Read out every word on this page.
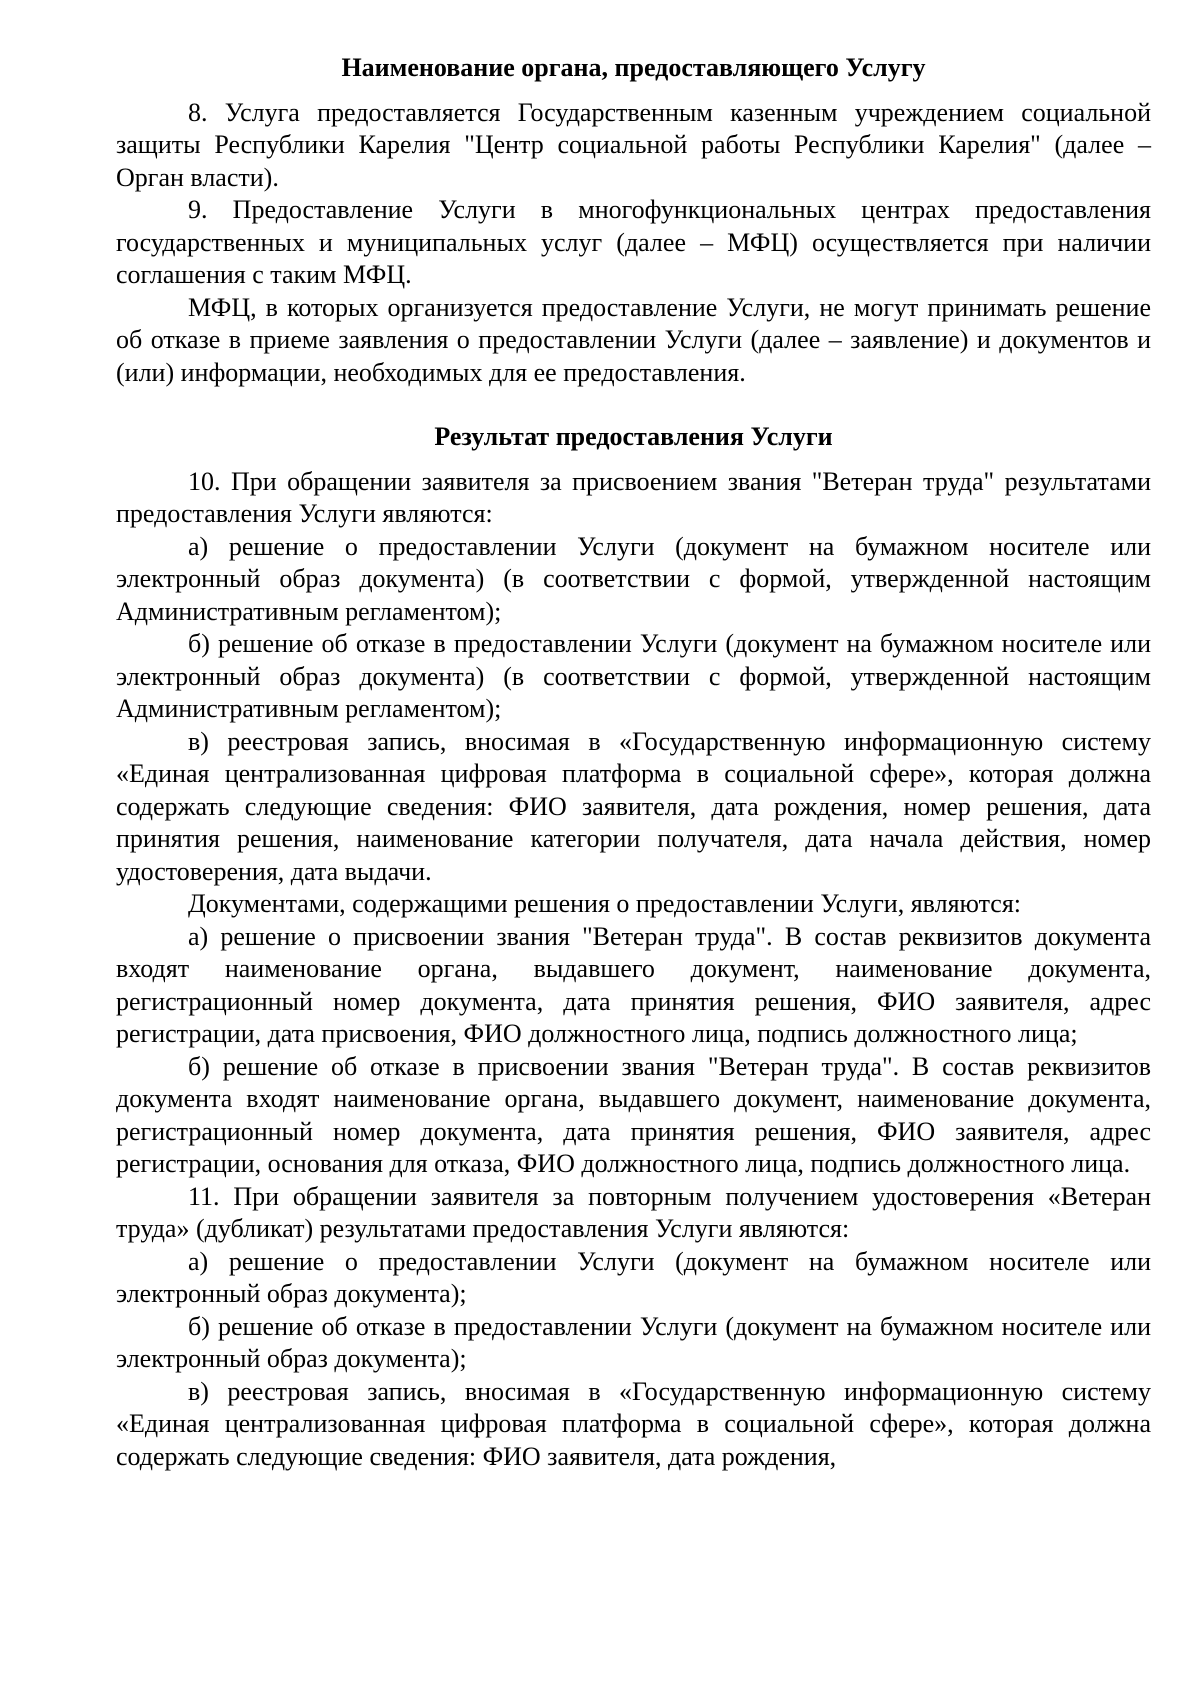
Наименование органа, предоставляющего Услугу

8. Услуга предоставляется Государственным казенным учреждением социальной защиты Республики Карелия "Центр социальной работы Республики Карелия" (далее – Орган власти).

9. Предоставление Услуги в многофункциональных центрах предоставления государственных и муниципальных услуг (далее – МФЦ) осуществляется при наличии соглашения с таким МФЦ.

МФЦ, в которых организуется предоставление Услуги, не могут принимать решение об отказе в приеме заявления о предоставлении Услуги (далее – заявление) и документов и (или) информации, необходимых для ее предоставления.

Результат предоставления Услуги

10. При обращении заявителя за присвоением звания "Ветеран труда" результатами предоставления Услуги являются:

а) решение о предоставлении Услуги (документ на бумажном носителе или электронный образ документа) (в соответствии с формой, утвержденной настоящим Административным регламентом);

б) решение об отказе в предоставлении Услуги (документ на бумажном носителе или электронный образ документа) (в соответствии с формой, утвержденной настоящим Административным регламентом);

в) реестровая запись, вносимая в «Государственную информационную систему «Единая централизованная цифровая платформа в социальной сфере», которая должна содержать следующие сведения: ФИО заявителя, дата рождения, номер решения, дата принятия решения, наименование категории получателя, дата начала действия, номер удостоверения, дата выдачи.

Документами, содержащими решения о предоставлении Услуги, являются:

а) решение о присвоении звания "Ветеран труда". В состав реквизитов документа входят наименование органа, выдавшего документ, наименование документа, регистрационный номер документа, дата принятия решения, ФИО заявителя, адрес регистрации, дата присвоения, ФИО должностного лица, подпись должностного лица;

б) решение об отказе в присвоении звания "Ветеран труда". В состав реквизитов документа входят наименование органа, выдавшего документ, наименование документа, регистрационный номер документа, дата принятия решения, ФИО заявителя, адрес регистрации, основания для отказа, ФИО должностного лица, подпись должностного лица.

11. При обращении заявителя за повторным получением удостоверения «Ветеран труда» (дубликат) результатами предоставления Услуги являются:

а) решение о предоставлении Услуги (документ на бумажном носителе или электронный образ документа);

б) решение об отказе в предоставлении Услуги (документ на бумажном носителе или электронный образ документа);

в) реестровая запись, вносимая в «Государственную информационную систему «Единая централизованная цифровая платформа в социальной сфере», которая должна содержать следующие сведения: ФИО заявителя, дата рождения,
